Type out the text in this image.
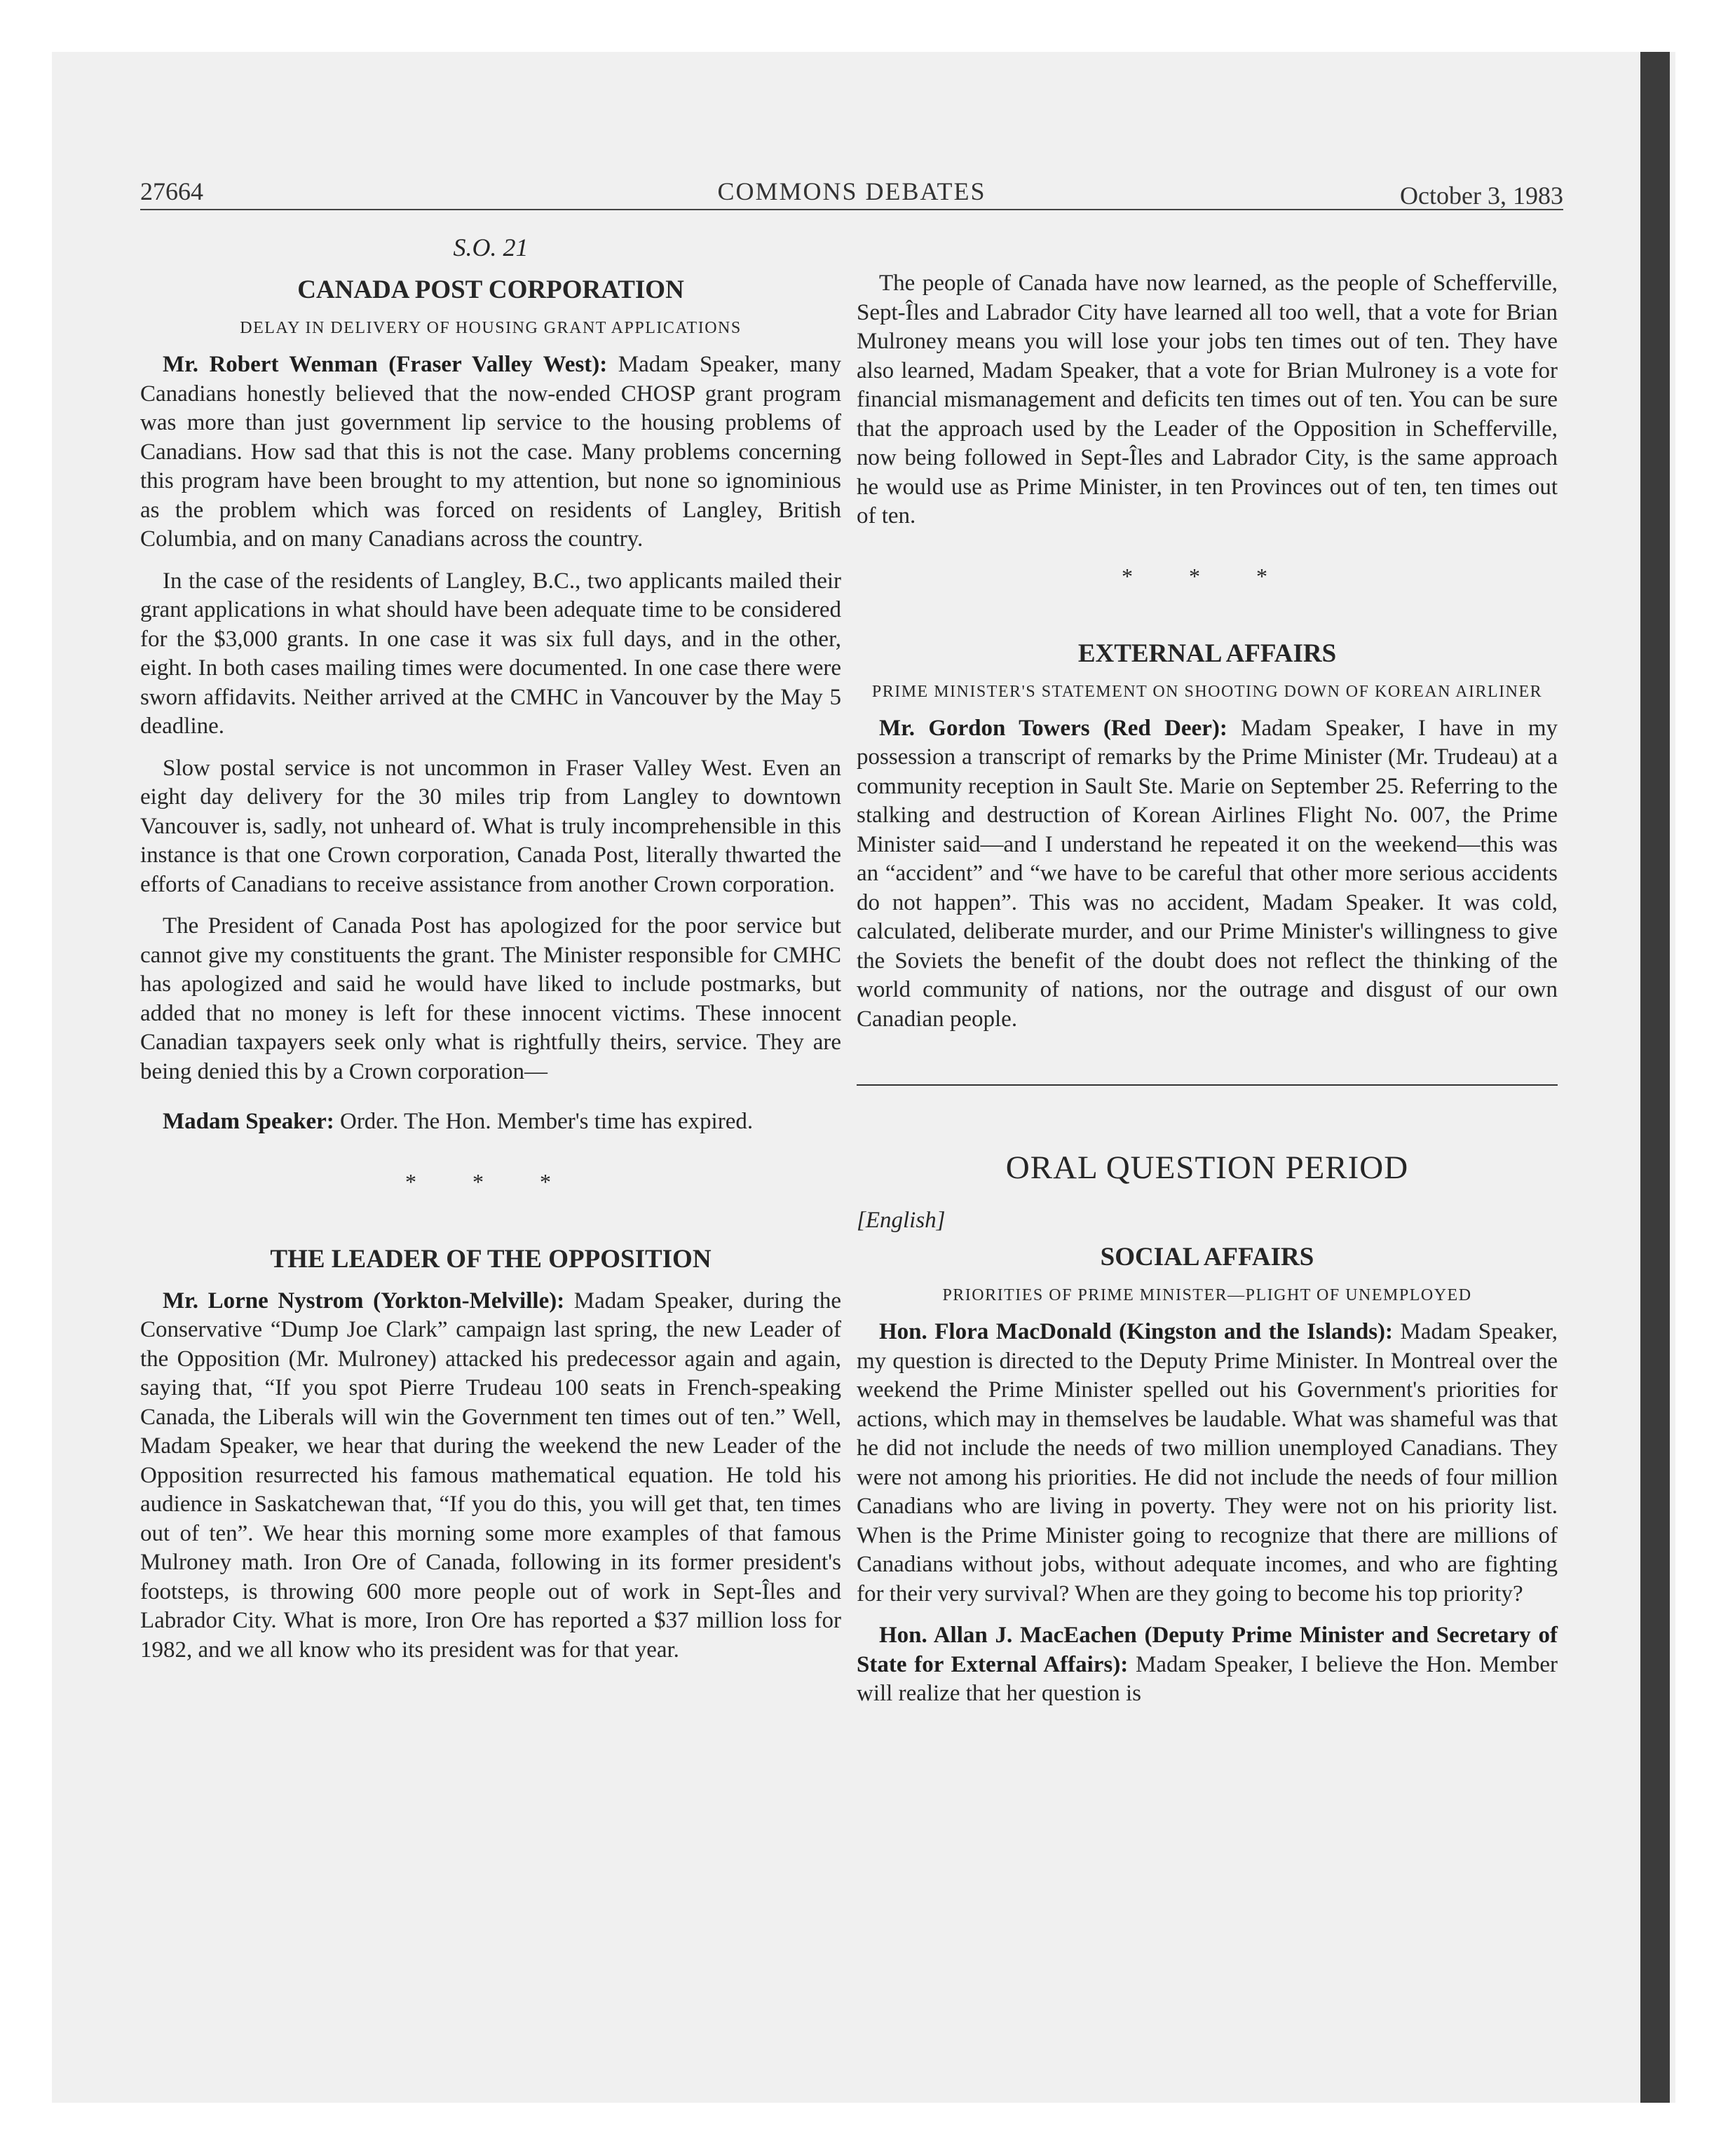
27664	COMMONS DEBATES	October 3, 1983
S.O. 21
CANADA POST CORPORATION
DELAY IN DELIVERY OF HOUSING GRANT APPLICATIONS

Mr. Robert Wenman (Fraser Valley West): Madam Speaker, many Canadians honestly believed that the now-ended CHOSP grant program was more than just government lip service to the housing problems of Canadians. How sad that this is not the case. Many problems concerning this program have been brought to my attention, but none so ignominious as the problem which was forced on residents of Langley, British Columbia, and on many Canadians across the country.

In the case of the residents of Langley, B.C., two applicants mailed their grant applications in what should have been adequate time to be considered for the $3,000 grants. In one case it was six full days, and in the other, eight. In both cases mailing times were documented. In one case there were sworn affidavits. Neither arrived at the CMHC in Vancouver by the May 5 deadline.

Slow postal service is not uncommon in Fraser Valley West. Even an eight day delivery for the 30 miles trip from Langley to downtown Vancouver is, sadly, not unheard of. What is truly incomprehensible in this instance is that one Crown corporation, Canada Post, literally thwarted the efforts of Canadians to receive assistance from another Crown corporation.

The President of Canada Post has apologized for the poor service but cannot give my constituents the grant. The Minister responsible for CMHC has apologized and said he would have liked to include postmarks, but added that no money is left for these innocent victims. These innocent Canadian taxpayers seek only what is rightfully theirs, service. They are being denied this by a Crown corporation—

Madam Speaker: Order. The Hon. Member's time has expired.

* * *
THE LEADER OF THE OPPOSITION

Mr. Lorne Nystrom (Yorkton-Melville): Madam Speaker, during the Conservative “Dump Joe Clark” campaign last spring, the new Leader of the Opposition (Mr. Mulroney) attacked his predecessor again and again, saying that, “If you spot Pierre Trudeau 100 seats in French-speaking Canada, the Liberals will win the Government ten times out of ten.” Well, Madam Speaker, we hear that during the weekend the new Leader of the Opposition resurrected his famous mathematical equation. He told his audience in Saskatchewan that, “If you do this, you will get that, ten times out of ten”. We hear this morning some more examples of that famous Mulroney math. Iron Ore of Canada, following in its former president's footsteps, is throwing 600 more people out of work in Sept-Îles and Labrador City. What is more, Iron Ore has reported a $37 million loss for 1982, and we all know who its president was for that year.

The people of Canada have now learned, as the people of Schefferville, Sept-Îles and Labrador City have learned all too well, that a vote for Brian Mulroney means you will lose your jobs ten times out of ten. They have also learned, Madam Speaker, that a vote for Brian Mulroney is a vote for financial mismanagement and deficits ten times out of ten. You can be sure that the approach used by the Leader of the Opposition in Schefferville, now being followed in Sept-Îles and Labrador City, is the same approach he would use as Prime Minister, in ten Provinces out of ten, ten times out of ten.

* * *
EXTERNAL AFFAIRS
PRIME MINISTER'S STATEMENT ON SHOOTING DOWN OF KOREAN AIRLINER

Mr. Gordon Towers (Red Deer): Madam Speaker, I have in my possession a transcript of remarks by the Prime Minister (Mr. Trudeau) at a community reception in Sault Ste. Marie on September 25. Referring to the stalking and destruction of Korean Airlines Flight No. 007, the Prime Minister said—and I understand he repeated it on the weekend—this was an “accident” and “we have to be careful that other more serious accidents do not happen”. This was no accident, Madam Speaker. It was cold, calculated, deliberate murder, and our Prime Minister's willingness to give the Soviets the benefit of the doubt does not reflect the thinking of the world community of nations, nor the outrage and disgust of our own Canadian people.

ORAL QUESTION PERIOD
[English]
SOCIAL AFFAIRS
PRIORITIES OF PRIME MINISTER—PLIGHT OF UNEMPLOYED

Hon. Flora MacDonald (Kingston and the Islands): Madam Speaker, my question is directed to the Deputy Prime Minister. In Montreal over the weekend the Prime Minister spelled out his Government's priorities for actions, which may in themselves be laudable. What was shameful was that he did not include the needs of two million unemployed Canadians. They were not among his priorities. He did not include the needs of four million Canadians who are living in poverty. They were not on his priority list. When is the Prime Minister going to recognize that there are millions of Canadians without jobs, without adequate incomes, and who are fighting for their very survival? When are they going to become his top priority?

Hon. Allan J. MacEachen (Deputy Prime Minister and Secretary of State for External Affairs): Madam Speaker, I believe the Hon. Member will realize that her question is
